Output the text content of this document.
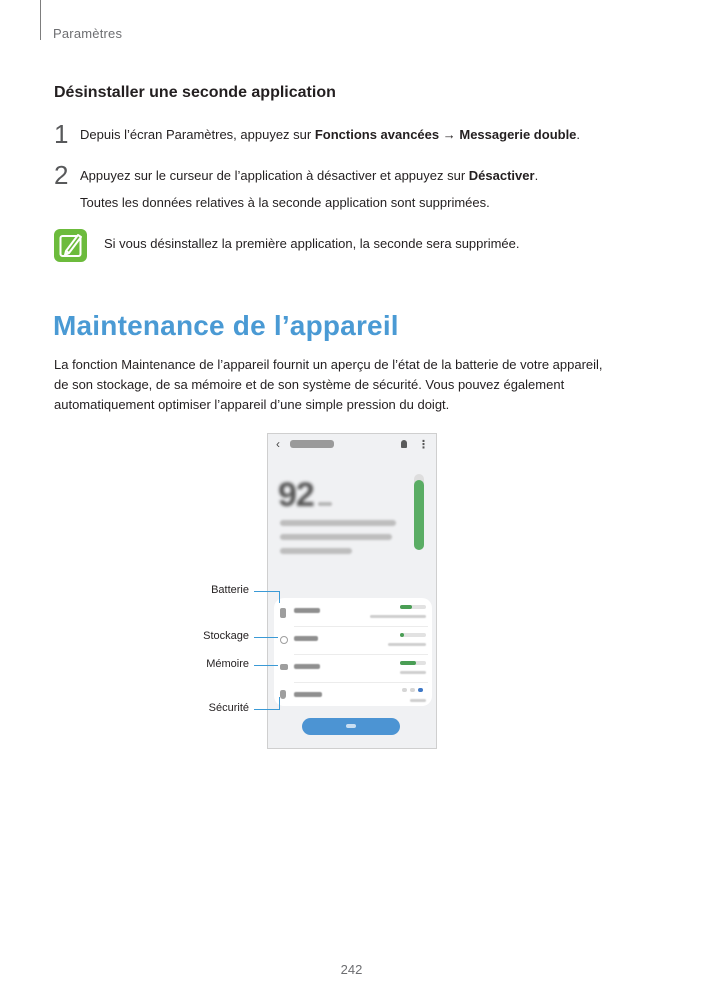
Paramètres
Désinstaller une seconde application
1 Depuis l’écran Paramètres, appuyez sur Fonctions avancées → Messagerie double.
2 Appuyez sur le curseur de l’application à désactiver et appuyez sur Désactiver.
Toutes les données relatives à la seconde application sont supprimées.
Si vous désinstallez la première application, la seconde sera supprimée.
Maintenance de l’appareil
La fonction Maintenance de l’appareil fournit un aperçu de l’état de la batterie de votre appareil,
de son stockage, de sa mémoire et de son système de sécurité. Vous pouvez également
automatiquement optimiser l’appareil d’une simple pression du doigt.
‹	⋮
92
Batterie
Stockage
Mémoire
Sécurité
242
